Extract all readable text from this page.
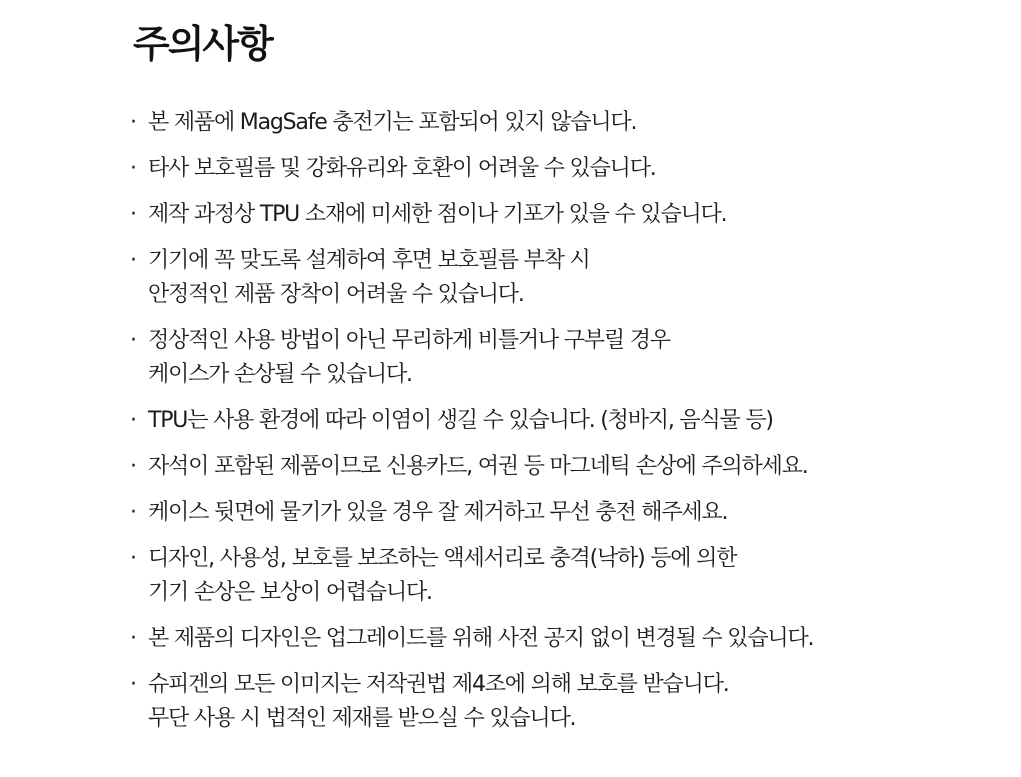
주의사항
· 본 제품에 MagSafe 충전기는 포함되어 있지 않습니다.
· 타사 보호필름 및 강화유리와 호환이 어려울 수 있습니다.
· 제작 과정상 TPU 소재에 미세한 점이나 기포가 있을 수 있습니다.
· 기기에 꼭 맞도록 설계하여 후면 보호필름 부착 시
안정적인 제품 장착이 어려울 수 있습니다.
· 정상적인 사용 방법이 아닌 무리하게 비틀거나 구부릴 경우
케이스가 손상될 수 있습니다.
· TPU는 사용 환경에 따라 이염이 생길 수 있습니다. (청바지, 음식물 등)
· 자석이 포함된 제품이므로 신용카드, 여권 등 마그네틱 손상에 주의하세요.
· 케이스 뒷면에 물기가 있을 경우 잘 제거하고 무선 충전 해주세요.
· 디자인, 사용성, 보호를 보조하는 액세서리로 충격(낙하) 등에 의한
기기 손상은 보상이 어렵습니다.
· 본 제품의 디자인은 업그레이드를 위해 사전 공지 없이 변경될 수 있습니다.
· 슈피겐의 모든 이미지는 저작권법 제4조에 의해 보호를 받습니다.
무단 사용 시 법적인 제재를 받으실 수 있습니다.
